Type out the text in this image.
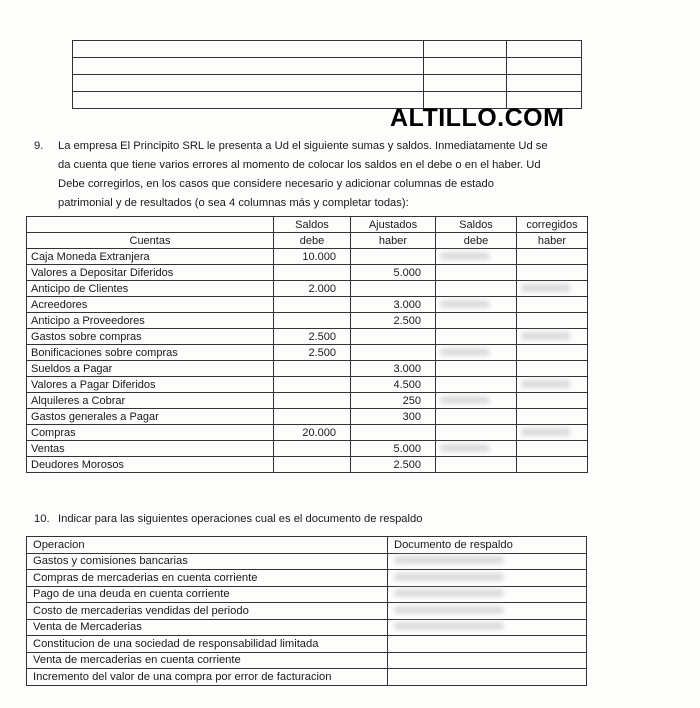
ALTILLO.COM
9. La empresa El Principito SRL le presenta a Ud el siguiente sumas y saldos. Inmediatamente Ud se
da cuenta que tiene varios errores al momento de colocar los saldos en el debe o en el haber. Ud
Debe corregirlos, en los casos que considere necesario y adicionar columnas de estado
patrimonial y de resultados (o sea 4 columnas más y completar todas):
	Saldos	Ajustados	Saldos	corregidos
Cuentas	debe	haber	debe	haber
Caja Moneda Extranjera	10.000			
Valores a Depositar Diferidos		5.000		
Anticipo de Clientes	2.000			
Acreedores		3.000		
Anticipo a Proveedores		2.500		
Gastos sobre compras	2.500			
Bonificaciones sobre compras	2.500			
Sueldos a Pagar		3.000		
Valores a Pagar Diferidos		4.500		
Alquileres a Cobrar		250		
Gastos generales a Pagar		300		
Compras	20.000			
Ventas		5.000		
Deudores Morosos		2.500		
10. Indicar para las siguientes operaciones cual es el documento de respaldo
Operacion	Documento de respaldo
Gastos y comisiones bancarias	
Compras de mercaderias en cuenta corriente	
Pago de una deuda en cuenta corriente	
Costo de mercaderias vendidas del periodo	
Venta de Mercaderias	
Constitucion de una sociedad de responsabilidad limitada	
Venta de mercaderias en cuenta corriente	
Incremento del valor de una compra por error de facturacion	
